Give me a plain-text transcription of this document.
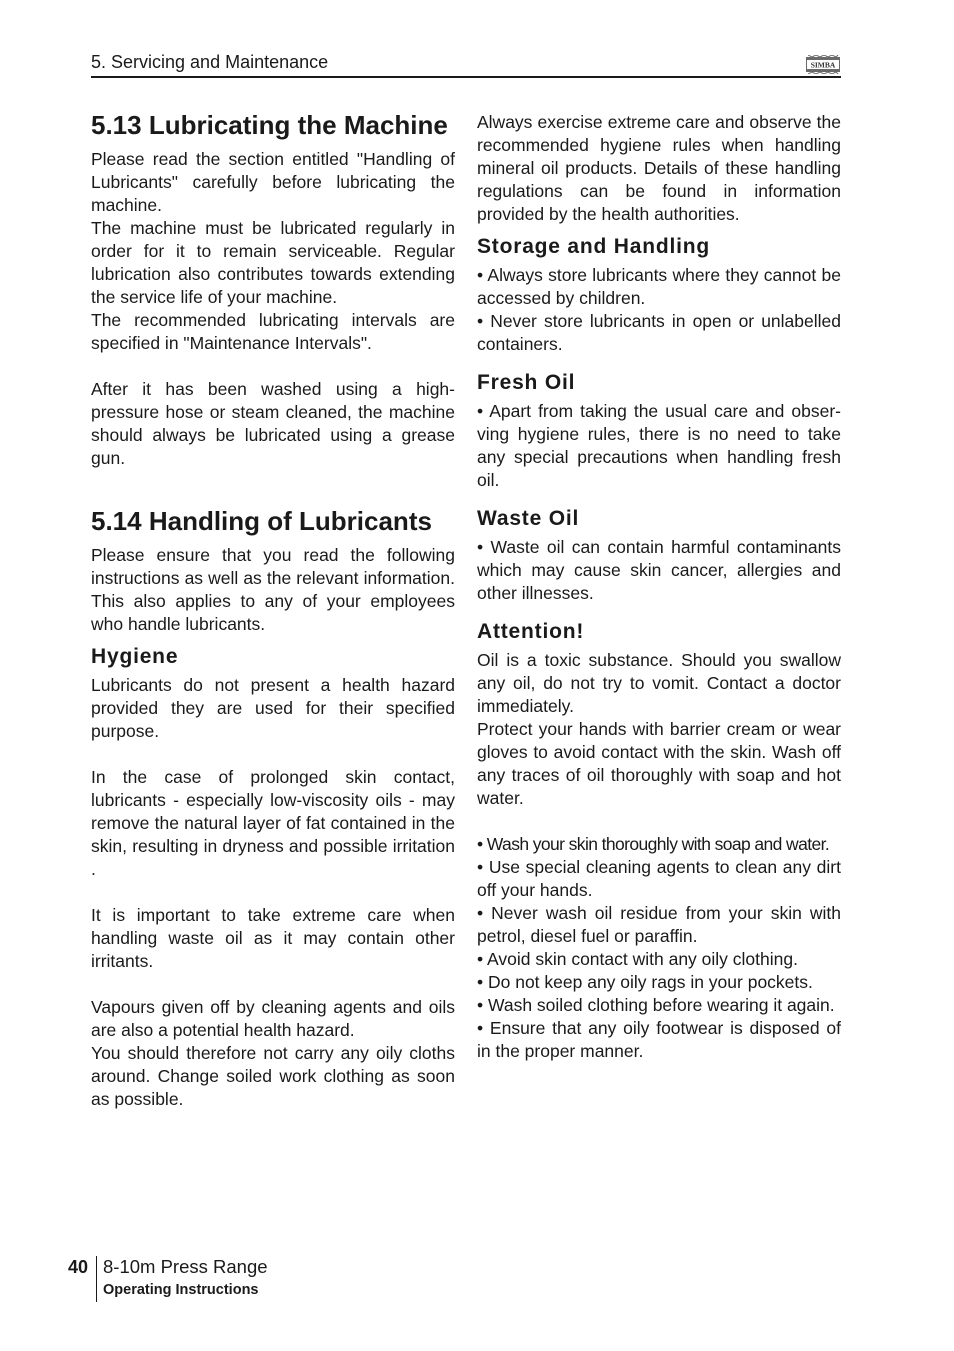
5. Servicing and Maintenance	SIMBA
5.13 Lubricating the Machine

Please read the section entitled "Handling of Lubricants" carefully before lubricating the machine.

The machine must be lubricated regularly in order for it to remain serviceable. Regular lubrication also contributes towards extending the service life of your machine.

The recommended lubricating intervals are specified in "Maintenance Intervals".

After it has been washed using a high-pressure hose or steam cleaned, the machine should always be lubricated using a grease gun.

5.14 Handling of Lubricants

Please ensure that you read the following instructions as well as the relevant information. This also applies to any of your employees who handle lubricants.

Hygiene

Lubricants do not present a health hazard provided they are used for their specified purpose.

In the case of prolonged skin contact, lubricants - especially low-viscosity oils - may remove the natural layer of fat contained in the skin, resulting in dryness and possible irritation .

It is important to take extreme care when handling waste oil as it may contain other irritants.

Vapours given off by cleaning agents and oils are also a potential health hazard.

You should therefore not carry any oily cloths around. Change soiled work clothing as soon as possible.

Always exercise extreme care and observe the recommended hygiene rules when handling mineral oil products. Details of these handling regulations can be found in information provided by the health authorities.

Storage and Handling

• Always store lubricants where they cannot be accessed by children.

• Never store lubricants in open or unlabelled containers.

Fresh Oil

• Apart from taking the usual care and obser-ving hygiene rules, there is no need to take any special precautions when handling fresh oil.

Waste Oil

• Waste oil can contain harmful contaminants which may cause skin cancer, allergies and other illnesses.

Attention!

Oil is a toxic substance. Should you swallow any oil, do not try to vomit. Contact a doctor immediately.

Protect your hands with barrier cream or wear gloves to avoid contact with the skin. Wash off any traces of oil thoroughly with soap and hot water.

• Wash your skin thoroughly with soap and water.

• Use special cleaning agents to clean any dirt off your hands.

• Never wash oil residue from your skin with petrol, diesel fuel or paraffin.

• Avoid skin contact with any oily clothing.

• Do not keep any oily rags in your pockets.

• Wash soiled clothing before wearing it again.

• Ensure that any oily footwear is disposed of in the proper manner.

40 8-10m Press Range
Operating Instructions
